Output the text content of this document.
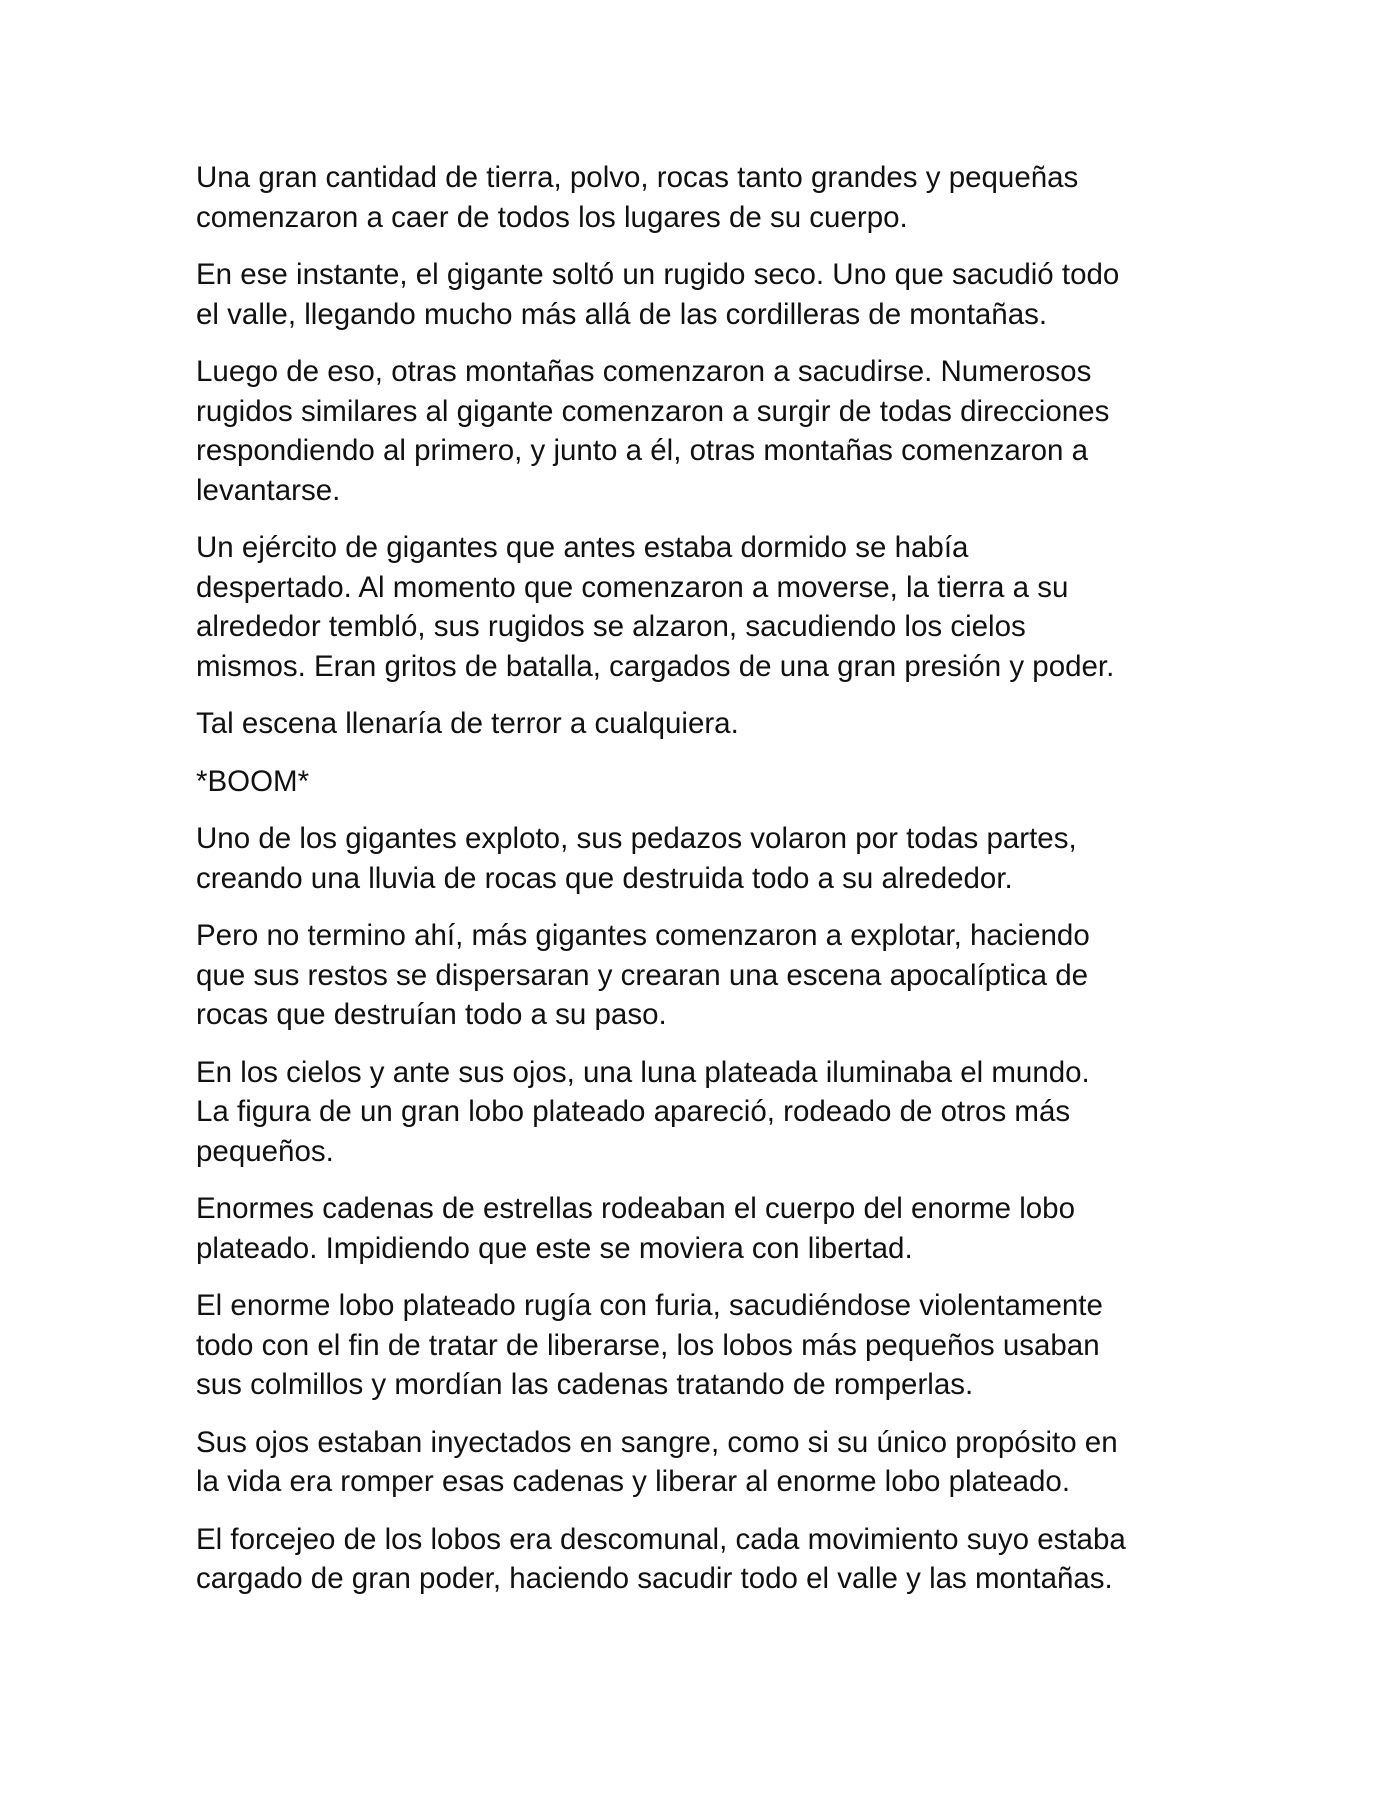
Una gran cantidad de tierra, polvo, rocas tanto grandes y pequeñas
comenzaron a caer de todos los lugares de su cuerpo.

En ese instante, el gigante soltó un rugido seco. Uno que sacudió todo
el valle, llegando mucho más allá de las cordilleras de montañas.

Luego de eso, otras montañas comenzaron a sacudirse. Numerosos
rugidos similares al gigante comenzaron a surgir de todas direcciones
respondiendo al primero, y junto a él, otras montañas comenzaron a
levantarse.

Un ejército de gigantes que antes estaba dormido se había
despertado. Al momento que comenzaron a moverse, la tierra a su
alrededor tembló, sus rugidos se alzaron, sacudiendo los cielos
mismos. Eran gritos de batalla, cargados de una gran presión y poder.

Tal escena llenaría de terror a cualquiera.

*BOOM*

Uno de los gigantes exploto, sus pedazos volaron por todas partes,
creando una lluvia de rocas que destruida todo a su alrededor.

Pero no termino ahí, más gigantes comenzaron a explotar, haciendo
que sus restos se dispersaran y crearan una escena apocalíptica de
rocas que destruían todo a su paso.

En los cielos y ante sus ojos, una luna plateada iluminaba el mundo.
La figura de un gran lobo plateado apareció, rodeado de otros más
pequeños.

Enormes cadenas de estrellas rodeaban el cuerpo del enorme lobo
plateado. Impidiendo que este se moviera con libertad.

El enorme lobo plateado rugía con furia, sacudiéndose violentamente
todo con el fin de tratar de liberarse, los lobos más pequeños usaban
sus colmillos y mordían las cadenas tratando de romperlas.

Sus ojos estaban inyectados en sangre, como si su único propósito en
la vida era romper esas cadenas y liberar al enorme lobo plateado.

El forcejeo de los lobos era descomunal, cada movimiento suyo estaba
cargado de gran poder, haciendo sacudir todo el valle y las montañas.
